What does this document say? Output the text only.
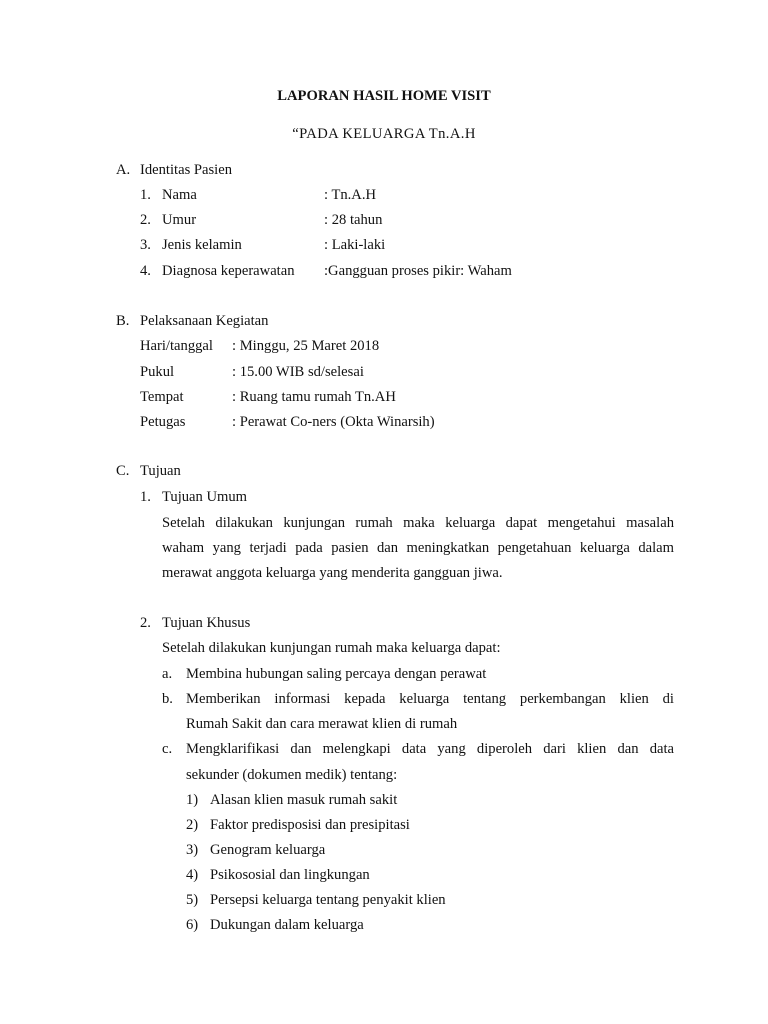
LAPORAN HASIL HOME VISIT
“PADA KELUARGA Tn.A.H
A. Identitas Pasien
1. Nama	: Tn.A.H
2. Umur	: 28 tahun
3. Jenis kelamin	: Laki-laki
4. Diagnosa keperawatan :Gangguan proses pikir: Waham
B. Pelaksanaan Kegiatan
Hari/tanggal : Minggu, 25 Maret 2018
Pukul	: 15.00 WIB sd/selesai
Tempat	: Ruang tamu rumah Tn.AH
Petugas	: Perawat Co-ners (Okta Winarsih)
C. Tujuan
1. Tujuan Umum
Setelah dilakukan kunjungan rumah maka keluarga dapat mengetahui masalah
waham yang terjadi pada pasien dan meningkatkan pengetahuan keluarga dalam
merawat anggota keluarga yang menderita gangguan jiwa.
2. Tujuan Khusus
Setelah dilakukan kunjungan rumah maka keluarga dapat:
a. Membina hubungan saling percaya dengan perawat
b. Memberikan informasi kepada keluarga tentang perkembangan klien di
Rumah Sakit dan cara merawat klien di rumah
c. Mengklarifikasi dan melengkapi data yang diperoleh dari klien dan data
sekunder (dokumen medik) tentang:
1) Alasan klien masuk rumah sakit
2) Faktor predisposisi dan presipitasi
3) Genogram keluarga
4) Psikososial dan lingkungan
5) Persepsi keluarga tentang penyakit klien
6) Dukungan dalam keluarga
